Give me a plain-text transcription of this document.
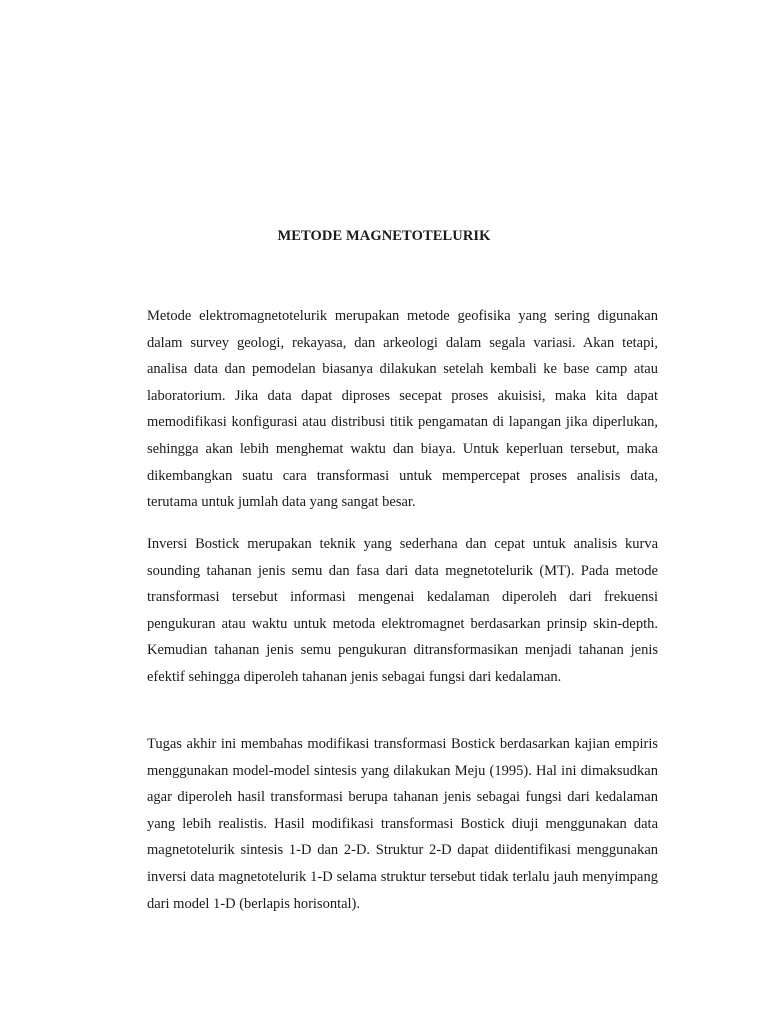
METODE MAGNETOTELURIK

Metode elektromagnetotelurik merupakan metode geofisika yang sering digunakan dalam survey geologi, rekayasa, dan arkeologi dalam segala variasi. Akan tetapi, analisa data dan pemodelan biasanya dilakukan setelah kembali ke base camp atau laboratorium. Jika data dapat diproses secepat proses akuisisi, maka kita dapat memodifikasi konfigurasi atau distribusi titik pengamatan di lapangan jika diperlukan, sehingga akan lebih menghemat waktu dan biaya. Untuk keperluan tersebut, maka dikembangkan suatu cara transformasi untuk mempercepat proses analisis data, terutama untuk jumlah data yang sangat besar.

Inversi Bostick merupakan teknik yang sederhana dan cepat untuk analisis kurva sounding tahanan jenis semu dan fasa dari data megnetotelurik (MT). Pada metode transformasi tersebut informasi mengenai kedalaman diperoleh dari frekuensi pengukuran atau waktu untuk metoda elektromagnet berdasarkan prinsip skin-depth. Kemudian tahanan jenis semu pengukuran ditransformasikan menjadi tahanan jenis efektif sehingga diperoleh tahanan jenis sebagai fungsi dari kedalaman.

Tugas akhir ini membahas modifikasi transformasi Bostick berdasarkan kajian empiris menggunakan model-model sintesis yang dilakukan Meju (1995). Hal ini dimaksudkan agar diperoleh hasil transformasi berupa tahanan jenis sebagai fungsi dari kedalaman yang lebih realistis. Hasil modifikasi transformasi Bostick diuji menggunakan data magnetotelurik sintesis 1-D dan 2-D. Struktur 2-D dapat diidentifikasi menggunakan inversi data magnetotelurik 1-D selama struktur tersebut tidak terlalu jauh menyimpang dari model 1-D (berlapis horisontal).
